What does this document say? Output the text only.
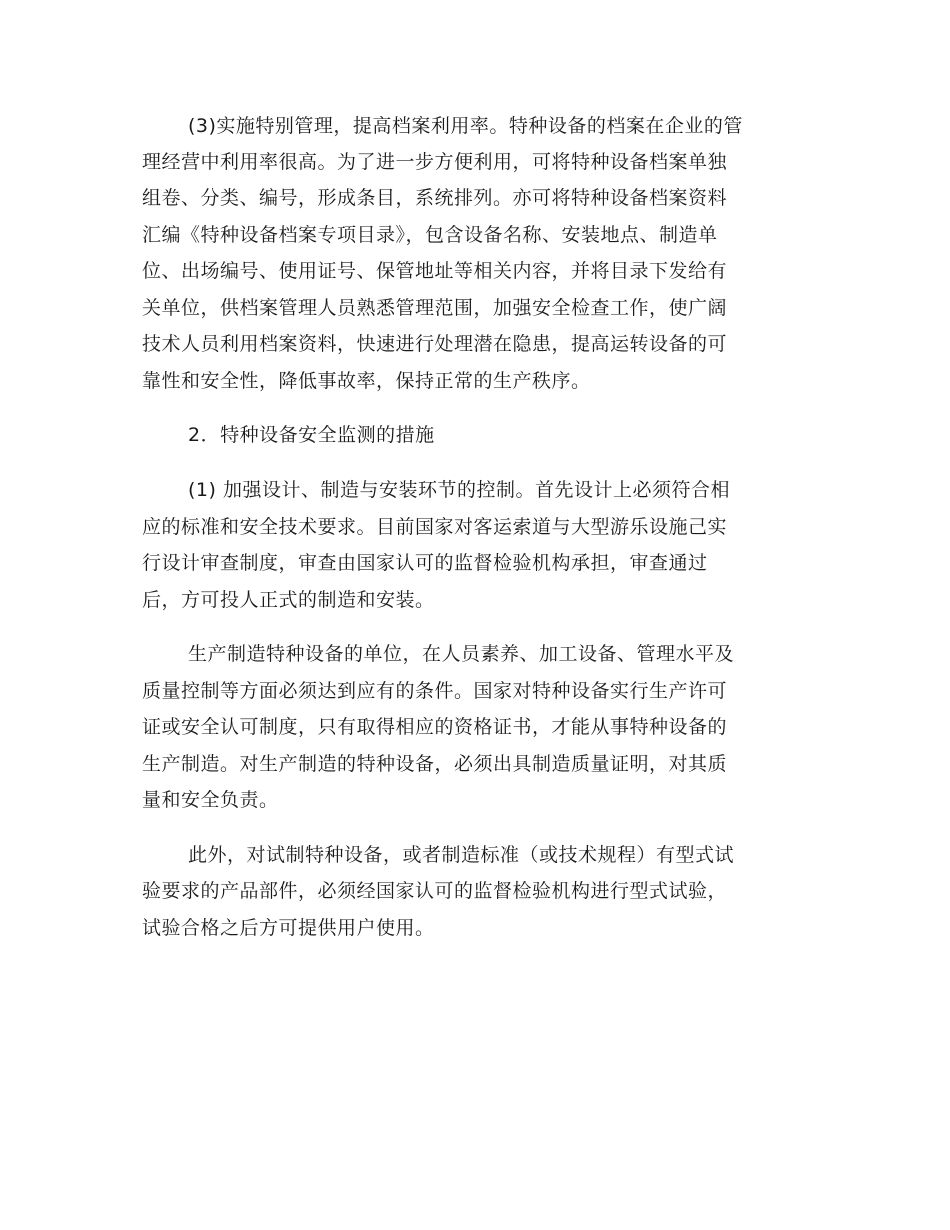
(3)实施特别管理，提高档案利用率。特种设备的档案在企业的管
理经营中利用率很高。为了进一步方便利用，可将特种设备档案单独
组卷、分类、编号，形成条目，系统排列。亦可将特种设备档案资料
汇编《特种设备档案专项目录》，包含设备名称、安装地点、制造单
位、出场编号、使用证号、保管地址等相关内容，并将目录下发给有
关单位，供档案管理人员熟悉管理范围，加强安全检查工作，使广阔
技术人员利用档案资料，快速进行处理潜在隐患，提高运转设备的可
靠性和安全性，降低事故率，保持正常的生产秩序。
2．特种设备安全监测的措施
(1) 加强设计、制造与安装环节的控制。首先设计上必须符合相
应的标准和安全技术要求。目前国家对客运索道与大型游乐设施己实
行设计审查制度，审查由国家认可的监督检验机构承担，审查通过
后，方可投人正式的制造和安装。
生产制造特种设备的单位，在人员素养、加工设备、管理水平及
质量控制等方面必须达到应有的条件。国家对特种设备实行生产许可
证或安全认可制度，只有取得相应的资格证书，才能从事特种设备的
生产制造。对生产制造的特种设备，必须出具制造质量证明，对其质
量和安全负责。
此外，对试制特种设备，或者制造标准（或技术规程）有型式试
验要求的产品部件，必须经国家认可的监督检验机构进行型式试验，
试验合格之后方可提供用户使用。
